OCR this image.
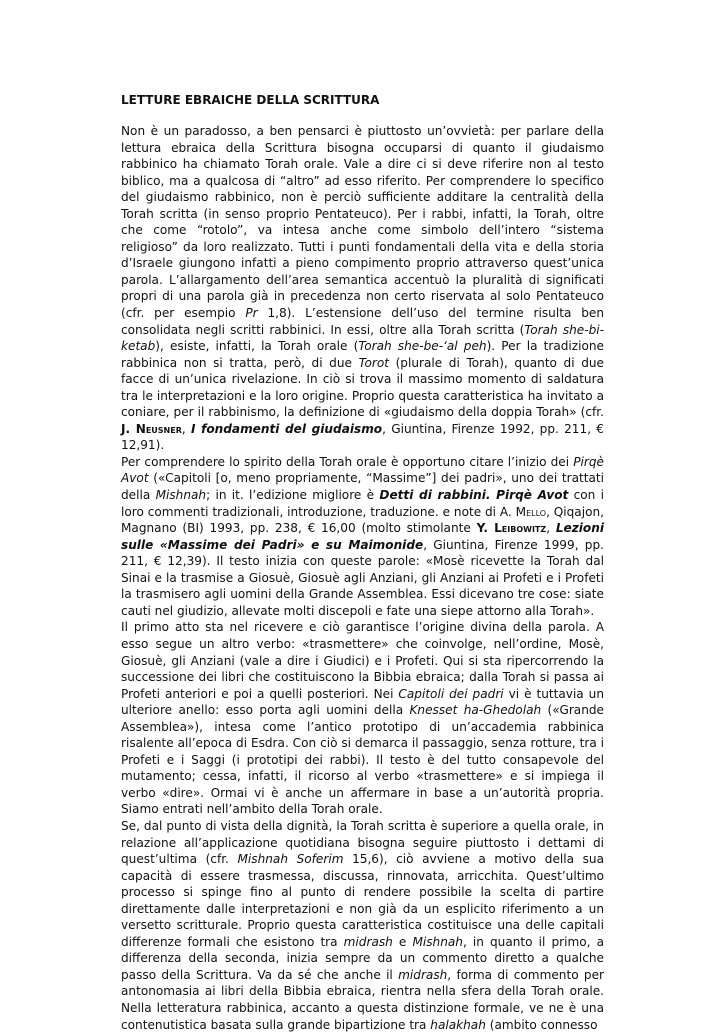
LETTURE EBRAICHE DELLA SCRITTURA

Non è un paradosso, a ben pensarci è piuttosto un’ovvietà: per parlare della lettura ebraica della Scrittura bisogna occuparsi di quanto il giudaismo rabbinico ha chiamato Torah orale. Vale a dire ci si deve riferire non al testo biblico, ma a qualcosa di “altro” ad esso riferito. Per comprendere lo specifico del giudaismo rabbinico, non è perciò sufficiente additare la centralità della Torah scritta (in senso proprio Pentateuco). Per i rabbi, infatti, la Torah, oltre che come “rotolo”, va intesa anche come simbolo dell’intero “sistema religioso” da loro realizzato. Tutti i punti fondamentali della vita e della storia d’Israele giungono infatti a pieno compimento proprio attraverso quest’unica parola. L’allargamento dell’area semantica accentuò la pluralità di significati propri di una parola già in precedenza non certo riservata al solo Pentateuco (cfr. per esempio Pr 1,8). L’estensione dell’uso del termine risulta ben consolidata negli scritti rabbinici. In essi, oltre alla Torah scritta (Torah she-bi-ketab), esiste, infatti, la Torah orale (Torah she-be-‘al peh). Per la tradizione rabbinica non si tratta, però, di due Torot (plurale di Torah), quanto di due facce di un’unica rivelazione. In ciò si trova il massimo momento di saldatura tra le interpretazioni e la loro origine. Proprio questa caratteristica ha invitato a coniare, per il rabbinismo, la definizione di «giudaismo della doppia Torah» (cfr. J. Neusner, I fondamenti del giudaismo, Giuntina, Firenze 1992, pp. 211, € 12,91).

Per comprendere lo spirito della Torah orale è opportuno citare l’inizio dei Pirqè Avot («Capitoli [o, meno propriamente, “Massime”] dei padri», uno dei trattati della Mishnah; in it. l’edizione migliore è Detti di rabbini. Pirqè Avot con i loro commenti tradizionali, introduzione, traduzione. e note di A. Mello, Qiqajon, Magnano (BI) 1993, pp. 238, € 16,00 (molto stimolante Y. Leibowitz, Lezioni sulle «Massime dei Padri» e su Maimonide, Giuntina, Firenze 1999, pp. 211, € 12,39). Il testo inizia con queste parole: «Mosè ricevette la Torah dal Sinai e la trasmise a Giosuè, Giosuè agli Anziani, gli Anziani ai Profeti e i Profeti la trasmisero agli uomini della Grande Assemblea. Essi dicevano tre cose: siate cauti nel giudizio, allevate molti discepoli e fate una siepe attorno alla Torah».

Il primo atto sta nel ricevere e ciò garantisce l’origine divina della parola. A esso segue un altro verbo: «trasmettere» che coinvolge, nell’ordine, Mosè, Giosuè, gli Anziani (vale a dire i Giudici) e i Profeti. Qui si sta ripercorrendo la successione dei libri che costituiscono la Bibbia ebraica; dalla Torah si passa ai Profeti anteriori e poi a quelli posteriori. Nei Capitoli dei padri vi è tuttavia un ulteriore anello: esso porta agli uomini della Knesset ha-Ghedolah («Grande Assemblea»), intesa come l’antico prototipo di un’accademia rabbinica risalente all’epoca di Esdra. Con ciò si demarca il passaggio, senza rotture, tra i Profeti e i Saggi (i prototipi dei rabbi). Il testo è del tutto consapevole del mutamento; cessa, infatti, il ricorso al verbo «trasmettere» e si impiega il verbo «dire». Ormai vi è anche un affermare in base a un’autorità propria. Siamo entrati nell’ambito della Torah orale.

Se, dal punto di vista della dignità, la Torah scritta è superiore a quella orale, in relazione all’applicazione quotidiana bisogna seguire piuttosto i dettami di quest’ultima (cfr. Mishnah Soferim 15,6), ciò avviene a motivo della sua capacità di essere trasmessa, discussa, rinnovata, arricchita. Quest’ultimo processo si spinge fino al punto di rendere possibile la scelta di partire direttamente dalle interpretazioni e non già da un esplicito riferimento a un versetto scritturale. Proprio questa caratteristica costituisce una delle capitali differenze formali che esistono tra midrash e Mishnah, in quanto il primo, a differenza della seconda, inizia sempre da un commento diretto a qualche passo della Scrittura. Va da sé che anche il midrash, forma di commento per antonomasia ai libri della Bibbia ebraica, rientra nella sfera della Torah orale. Nella letteratura rabbinica, accanto a questa distinzione formale, ve ne è una contenutistica basata sulla grande bipartizione tra halakhah (ambito connesso
